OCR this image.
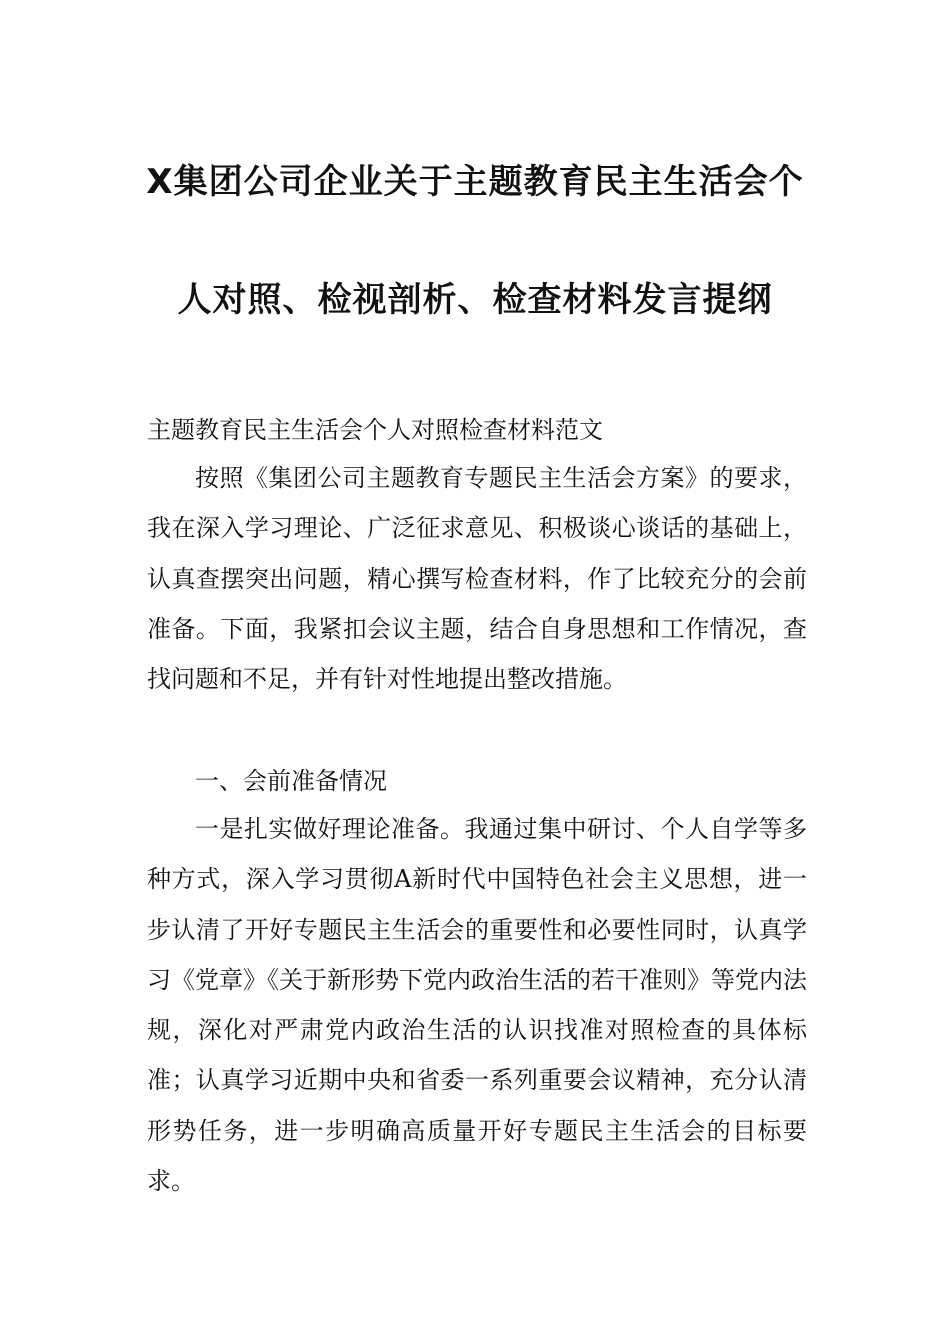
X集团公司企业关于主题教育民主生活会个
人对照、检视剖析、检查材料发言提纲
主题教育民主生活会个人对照检查材料范文

按照《集团公司主题教育专题民主生活会方案》的要求，我在深入学习理论、广泛征求意见、积极谈心谈话的基础上，认真查摆突出问题，精心撰写检查材料，作了比较充分的会前准备。下面，我紧扣会议主题，结合自身思想和工作情况，查找问题和不足，并有针对性地提出整改措施。

一、会前准备情况

一是扎实做好理论准备。我通过集中研讨、个人自学等多种方式，深入学习贯彻A新时代中国特色社会主义思想，进一步认清了开好专题民主生活会的重要性和必要性同时，认真学习《党章》《关于新形势下党内政治生活的若干准则》等党内法规，深化对严肃党内政治生活的认识找准对照检查的具体标准；认真学习近期中央和省委一系列重要会议精神，充分认清形势任务，进一步明确高质量开好专题民主生活会的目标要求。
